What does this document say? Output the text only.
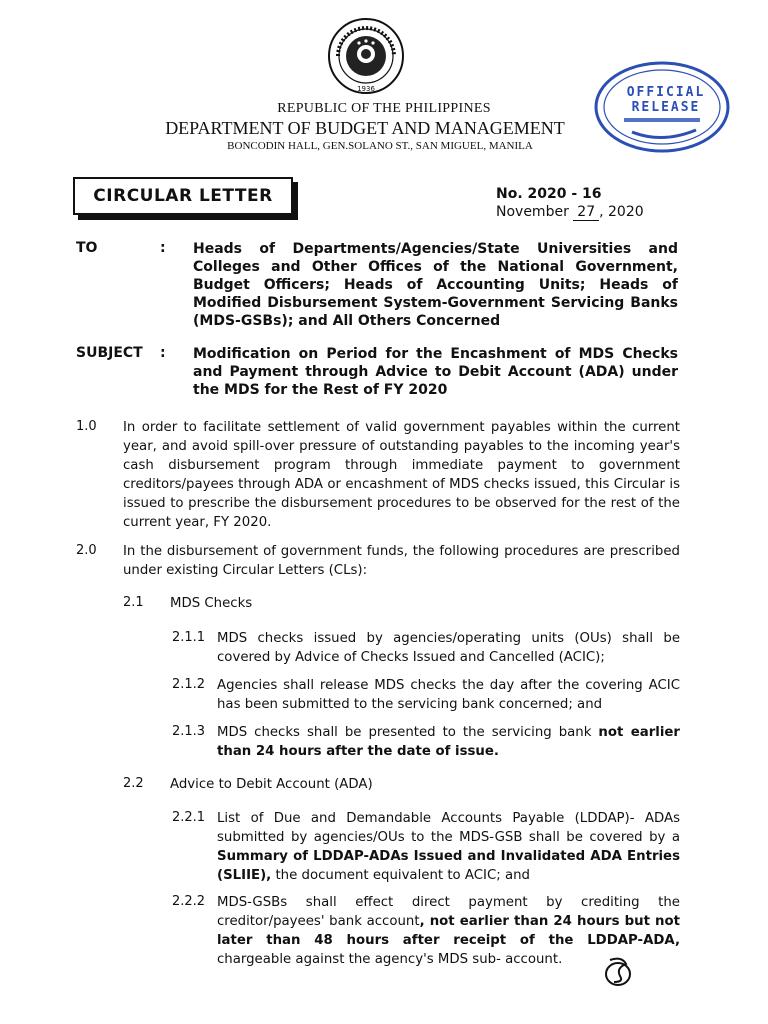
1936	OFFICIAL
RELEASE
REPUBLIC OF THE PHILIPPINES
DEPARTMENT OF BUDGET AND MANAGEMENT
BONCODIN HALL, GEN.SOLANO ST., SAN MIGUEL, MANILA
CIRCULAR LETTER	No. 2020 - 16
November 27 , 2020
TO	: Heads of Departments/Agencies/State Universities and Colleges and Other Offices of the National Government, Budget Officers; Heads of Accounting Units; Heads of Modified Disbursement System-Government Servicing Banks (MDS-GSBs); and All Others Concerned
SUBJECT : Modification on Period for the Encashment of MDS Checks and Payment through Advice to Debit Account (ADA) under the MDS for the Rest of FY 2020
1.0 In order to facilitate settlement of valid government payables within the current year, and avoid spill-over pressure of outstanding payables to the incoming year's cash disbursement program through immediate payment to government creditors/payees through ADA or encashment of MDS checks issued, this Circular is issued to prescribe the disbursement procedures to be observed for the rest of the current year, FY 2020.
2.0 In the disbursement of government funds, the following procedures are prescribed under existing Circular Letters (CLs):
2.1 MDS Checks
2.1.1 MDS checks issued by agencies/operating units (OUs) shall be covered by Advice of Checks Issued and Cancelled (ACIC);
2.1.2 Agencies shall release MDS checks the day after the covering ACIC has been submitted to the servicing bank concerned; and
2.1.3 MDS checks shall be presented to the servicing bank not earlier than 24 hours after the date of issue.
2.2 Advice to Debit Account (ADA)
2.2.1 List of Due and Demandable Accounts Payable (LDDAP)- ADAs submitted by agencies/OUs to the MDS-GSB shall be covered by a Summary of LDDAP-ADAs Issued and Invalidated ADA Entries (SLIIE), the document equivalent to ACIC; and
2.2.2 MDS-GSBs shall effect direct payment by crediting the creditor/payees' bank account, not earlier than 24 hours but not later than 48 hours after receipt of the LDDAP-ADA, chargeable against the agency's MDS sub- account.
